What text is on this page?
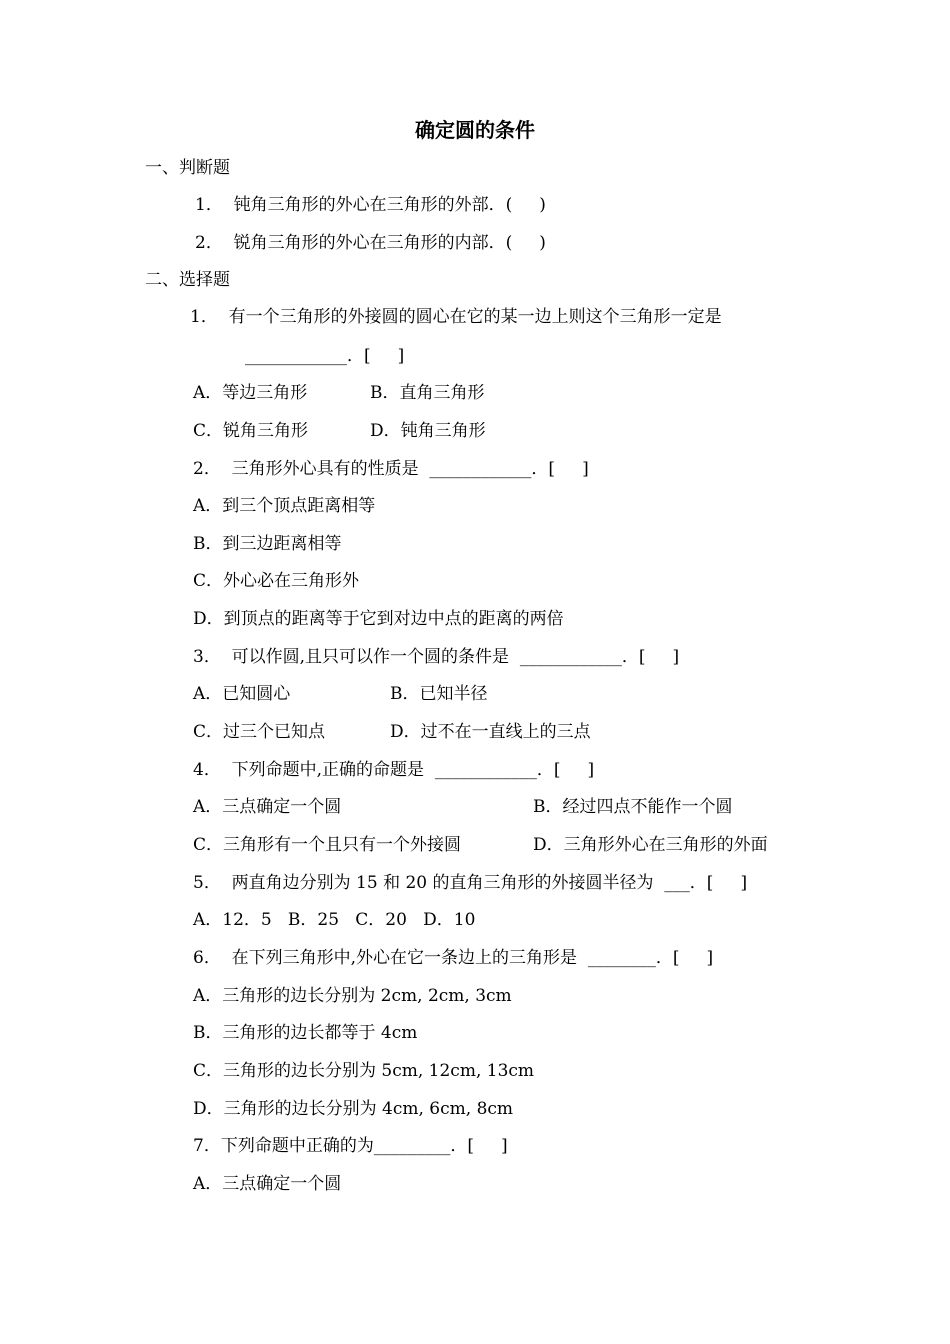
确定圆的条件
一、判断题
1．  钝角三角形的外心在三角形的外部．(     )
2．  锐角三角形的外心在三角形的内部．(     )
二、选择题
1．  有一个三角形的外接圆的圆心在它的某一边上则这个三角形一定是
____________．[     ]
A．等边三角形	B．直角三角形
C．锐角三角形	D．钝角三角形
2．  三角形外心具有的性质是  ____________．[     ]
A．到三个顶点距离相等
B．到三边距离相等
C．外心必在三角形外
D．到顶点的距离等于它到对边中点的距离的两倍
3．  可以作圆,且只可以作一个圆的条件是  ____________．[     ]
A．已知圆心	B．已知半径
C．过三个已知点	D．过不在一直线上的三点
4．  下列命题中,正确的命题是  ____________．[     ]
A．三点确定一个圆	B．经过四点不能作一个圆
C．三角形有一个且只有一个外接圆	D．三角形外心在三角形的外面
5．  两直角边分别为 15 和 20 的直角三角形的外接圆半径为  ___．[     ]
A．12．5   B．25   C．20   D．10
6．  在下列三角形中,外心在它一条边上的三角形是  ________．[     ]
A．三角形的边长分别为 2cm, 2cm, 3cm
B．三角形的边长都等于 4cm
C．三角形的边长分别为 5cm, 12cm, 13cm
D．三角形的边长分别为 4cm, 6cm, 8cm
7．下列命题中正确的为_________．[     ]
A．三点确定一个圆
